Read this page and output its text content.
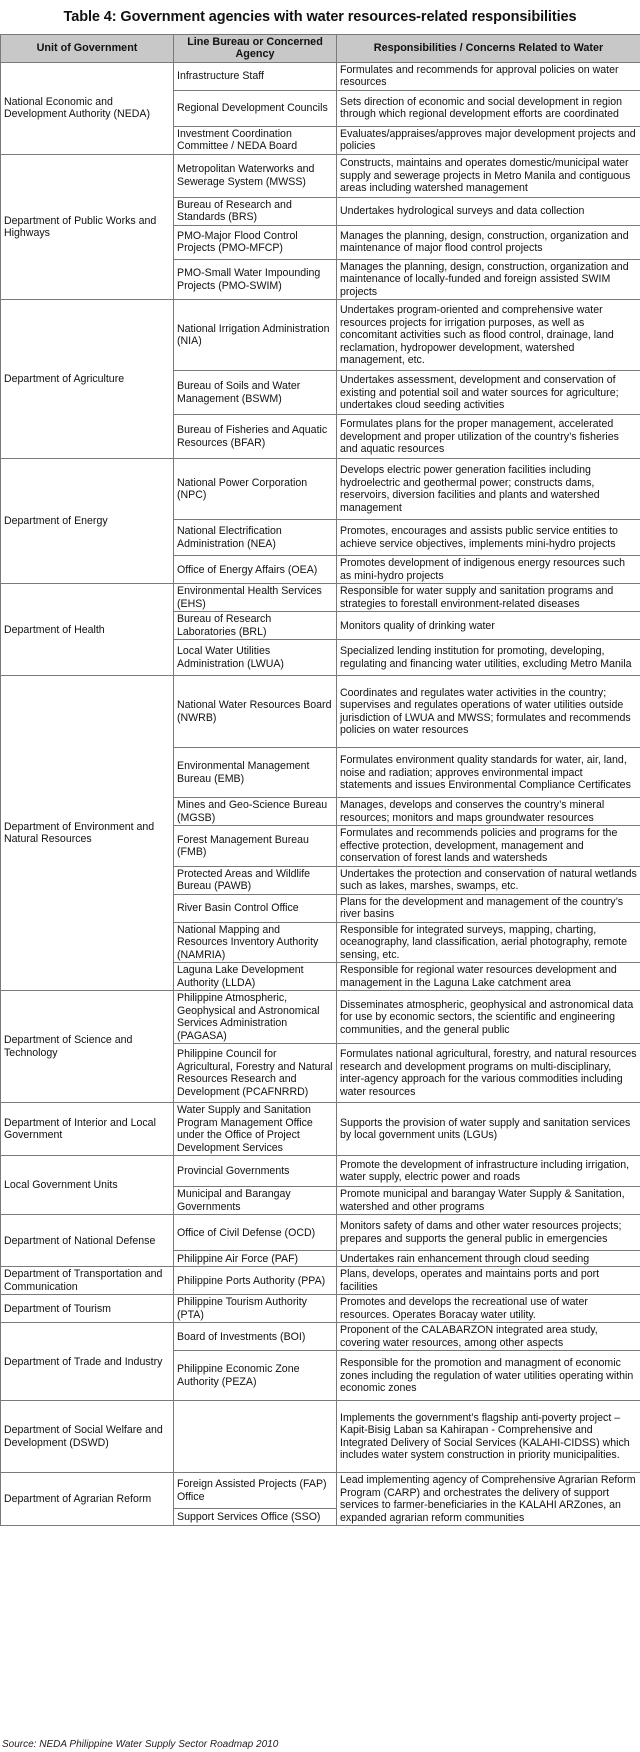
Table 4: Government agencies with water resources-related responsibilities
Unit of Government	Line Bureau or Concerned Agency	Responsibilities / Concerns Related to Water
National Economic and Development Authority (NEDA)	Infrastructure Staff	Formulates and recommends for approval policies on water resources
	Regional Development Councils	Sets direction of economic and social development in region through which regional development efforts are coordinated
	Investment Coordination Committee / NEDA Board	Evaluates/appraises/approves major development projects and policies
Department of Public Works and Highways	Metropolitan Waterworks and Sewerage System (MWSS)	Constructs, maintains and operates domestic/municipal water supply and sewerage projects in Metro Manila and contiguous areas including watershed management
	Bureau of Research and Standards (BRS)	Undertakes hydrological surveys and data collection
	PMO-Major Flood Control Projects (PMO-MFCP)	Manages the planning, design, construction, organization and maintenance of major flood control projects
	PMO-Small Water Impounding Projects (PMO-SWIM)	Manages the planning, design, construction, organization and maintenance of locally-funded and foreign assisted SWIM projects
Department of Agriculture	National Irrigation Administration (NIA)	Undertakes program-oriented and comprehensive water resources projects for irrigation purposes, as well as concomitant activities such as flood control, drainage, land reclamation, hydropower development, watershed management, etc.
	Bureau of Soils and Water Management (BSWM)	Undertakes assessment, development and conservation of existing and potential soil and water sources for agriculture; undertakes cloud seeding activities
	Bureau of Fisheries and Aquatic Resources (BFAR)	Formulates plans for the proper management, accelerated development and proper utilization of the country’s fisheries and aquatic resources
Department of Energy	National Power Corporation (NPC)	Develops electric power generation facilities including hydroelectric and geothermal power; constructs dams, reservoirs, diversion facilities and plants and watershed management
	National Electrification Administration (NEA)	Promotes, encourages and assists public service entities to achieve service objectives, implements mini-hydro projects
	Office of Energy Affairs (OEA)	Promotes development of indigenous energy resources such as mini-hydro projects
Department of Health	Environmental Health Services (EHS)	Responsible for water supply and sanitation programs and strategies to forestall environment-related diseases
	Bureau of Research Laboratories (BRL)	Monitors quality of drinking water
	Local Water Utilities Administration (LWUA)	Specialized lending institution for promoting, developing, regulating and financing water utilities, excluding Metro Manila
Department of Environment and Natural Resources	National Water Resources Board (NWRB)	Coordinates and regulates water activities in the country; supervises and regulates operations of water utilities outside jurisdiction of LWUA and MWSS; formulates and recommends policies on water resources
	Environmental Management Bureau (EMB)	Formulates environment quality standards for water, air, land, noise and radiation; approves environmental impact statements and issues Environmental Compliance Certificates
	Mines and Geo-Science Bureau (MGSB)	Manages, develops and conserves the country’s mineral resources; monitors and maps groundwater resources
	Forest Management Bureau (FMB)	Formulates and recommends policies and programs for the effective protection, development, management and conservation of forest lands and watersheds
	Protected Areas and Wildlife Bureau (PAWB)	Undertakes the protection and conservation of natural wetlands such as lakes, marshes, swamps, etc.
	River Basin Control Office	Plans for the development and management of the country’s river basins
	National Mapping and Resources Inventory Authority (NAMRIA)	Responsible for integrated surveys, mapping, charting, oceanography, land classification, aerial photography, remote sensing, etc.
	Laguna Lake Development Authority (LLDA)	Responsible for regional water resources development and management in the Laguna Lake catchment area
Department of Science and Technology	Philippine Atmospheric, Geophysical and Astronomical Services Administration (PAGASA)	Disseminates atmospheric, geophysical and astronomical data for use by economic sectors, the scientific and engineering communities, and the general public
	Philippine Council for Agricultural, Forestry and Natural Resources Research and Development (PCAFNRRD)	Formulates national agricultural, forestry, and natural resources research and development programs on multi-disciplinary, inter-agency approach for the various commodities including water resources
Department of Interior and Local Government	Water Supply and Sanitation Program Management Office under the Office of Project Development Services	Supports the provision of water supply and sanitation services by local government units (LGUs)
Local Government Units	Provincial Governments	Promote the development of infrastructure including irrigation, water supply, electric power and roads
	Municipal and Barangay Governments	Promote municipal and barangay Water Supply & Sanitation, watershed and other programs
Department of National Defense	Office of Civil Defense (OCD)	Monitors safety of dams and other water resources projects; prepares and supports the general public in emergencies
	Philippine Air Force (PAF)	Undertakes rain enhancement through cloud seeding
Department of Transportation and Communication	Philippine Ports Authority (PPA)	Plans, develops, operates and maintains ports and port facilities
Department of Tourism	Philippine Tourism Authority (PTA)	Promotes and develops the recreational use of water resources. Operates Boracay water utility.
Department of Trade and Industry	Board of Investments (BOI)	Proponent of the CALABARZON integrated area study, covering water resources, among other aspects
	Philippine Economic Zone Authority (PEZA)	Responsible for the promotion and managment of economic zones including the regulation of water utilities operating within economic zones
Department of Social Welfare and Development (DSWD)		Implements the government’s flagship anti-poverty project – Kapit-Bisig Laban sa Kahirapan - Comprehensive and Integrated Delivery of Social Services (KALAHI-CIDSS) which includes water system construction in priority municipalities.
Department of Agrarian Reform	Foreign Assisted Projects (FAP) Office	Lead implementing agency of Comprehensive Agrarian Reform Program (CARP) and orchestrates the delivery of support services to farmer-beneficiaries in the KALAHI ARZones, an expanded agrarian reform communities
	Support Services Office (SSO)	
Source: NEDA Philippine Water Supply Sector Roadmap 2010
